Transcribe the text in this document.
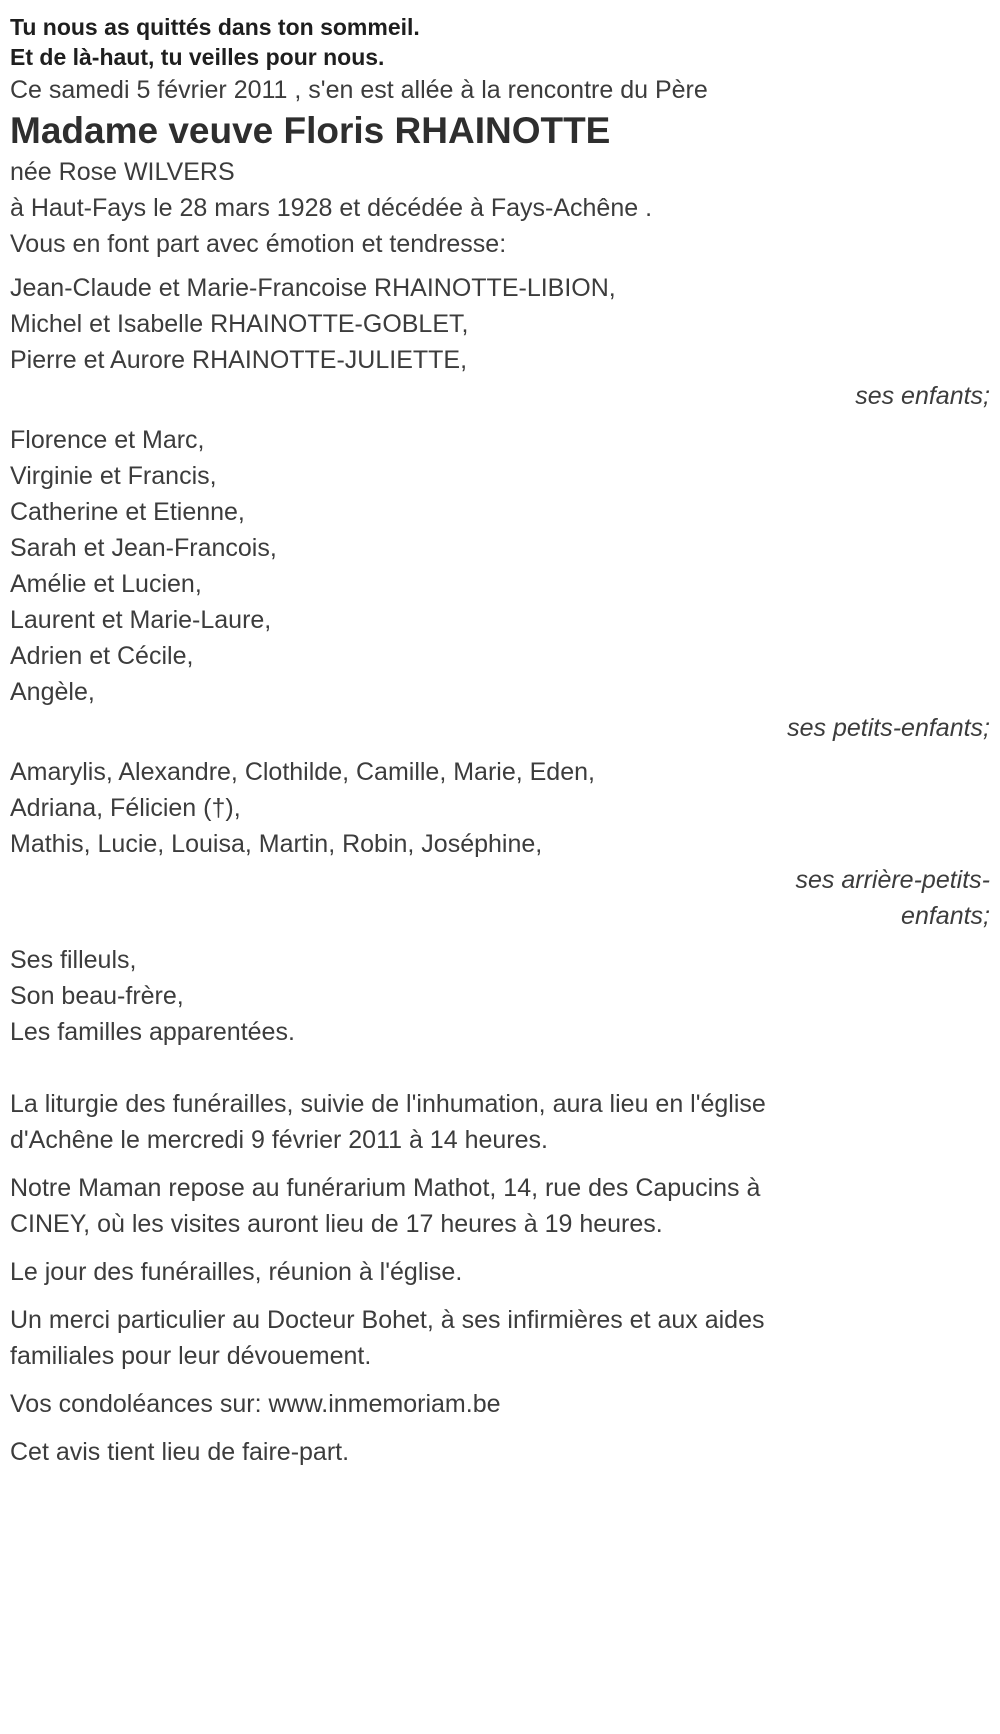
Tu nous as quittés dans ton sommeil.

Et de là-haut, tu veilles pour nous.

Ce samedi 5 février 2011 , s'en est allée à la rencontre du Père

Madame veuve Floris RHAINOTTE

née Rose WILVERS

à Haut-Fays le 28 mars 1928 et décédée à Fays-Achêne .

Vous en font part avec émotion et tendresse:

Jean-Claude et Marie-Francoise RHAINOTTE-LIBION,

Michel et Isabelle RHAINOTTE-GOBLET,

Pierre et Aurore RHAINOTTE-JULIETTE,

ses enfants;

Florence et Marc,

Virginie et Francis,

Catherine et Etienne,

Sarah et Jean-Francois,

Amélie et Lucien,

Laurent et Marie-Laure,

Adrien et Cécile,

Angèle,

ses petits-enfants;

Amarylis, Alexandre, Clothilde, Camille, Marie, Eden,

Adriana, Félicien (†),

Mathis, Lucie, Louisa, Martin, Robin, Joséphine,

ses arrière-petits-enfants;

Ses filleuls,

Son beau-frère,

Les familles apparentées.

La liturgie des funérailles, suivie de l'inhumation, aura lieu en l'église d'Achêne le mercredi 9 février 2011 à 14 heures.

Notre Maman repose au funérarium Mathot, 14, rue des Capucins à CINEY, où les visites auront lieu de 17 heures à 19 heures.

Le jour des funérailles, réunion à l'église.

Un merci particulier au Docteur Bohet, à ses infirmières et aux aides familiales pour leur dévouement.

Vos condoléances sur: www.inmemoriam.be

Cet avis tient lieu de faire-part.
